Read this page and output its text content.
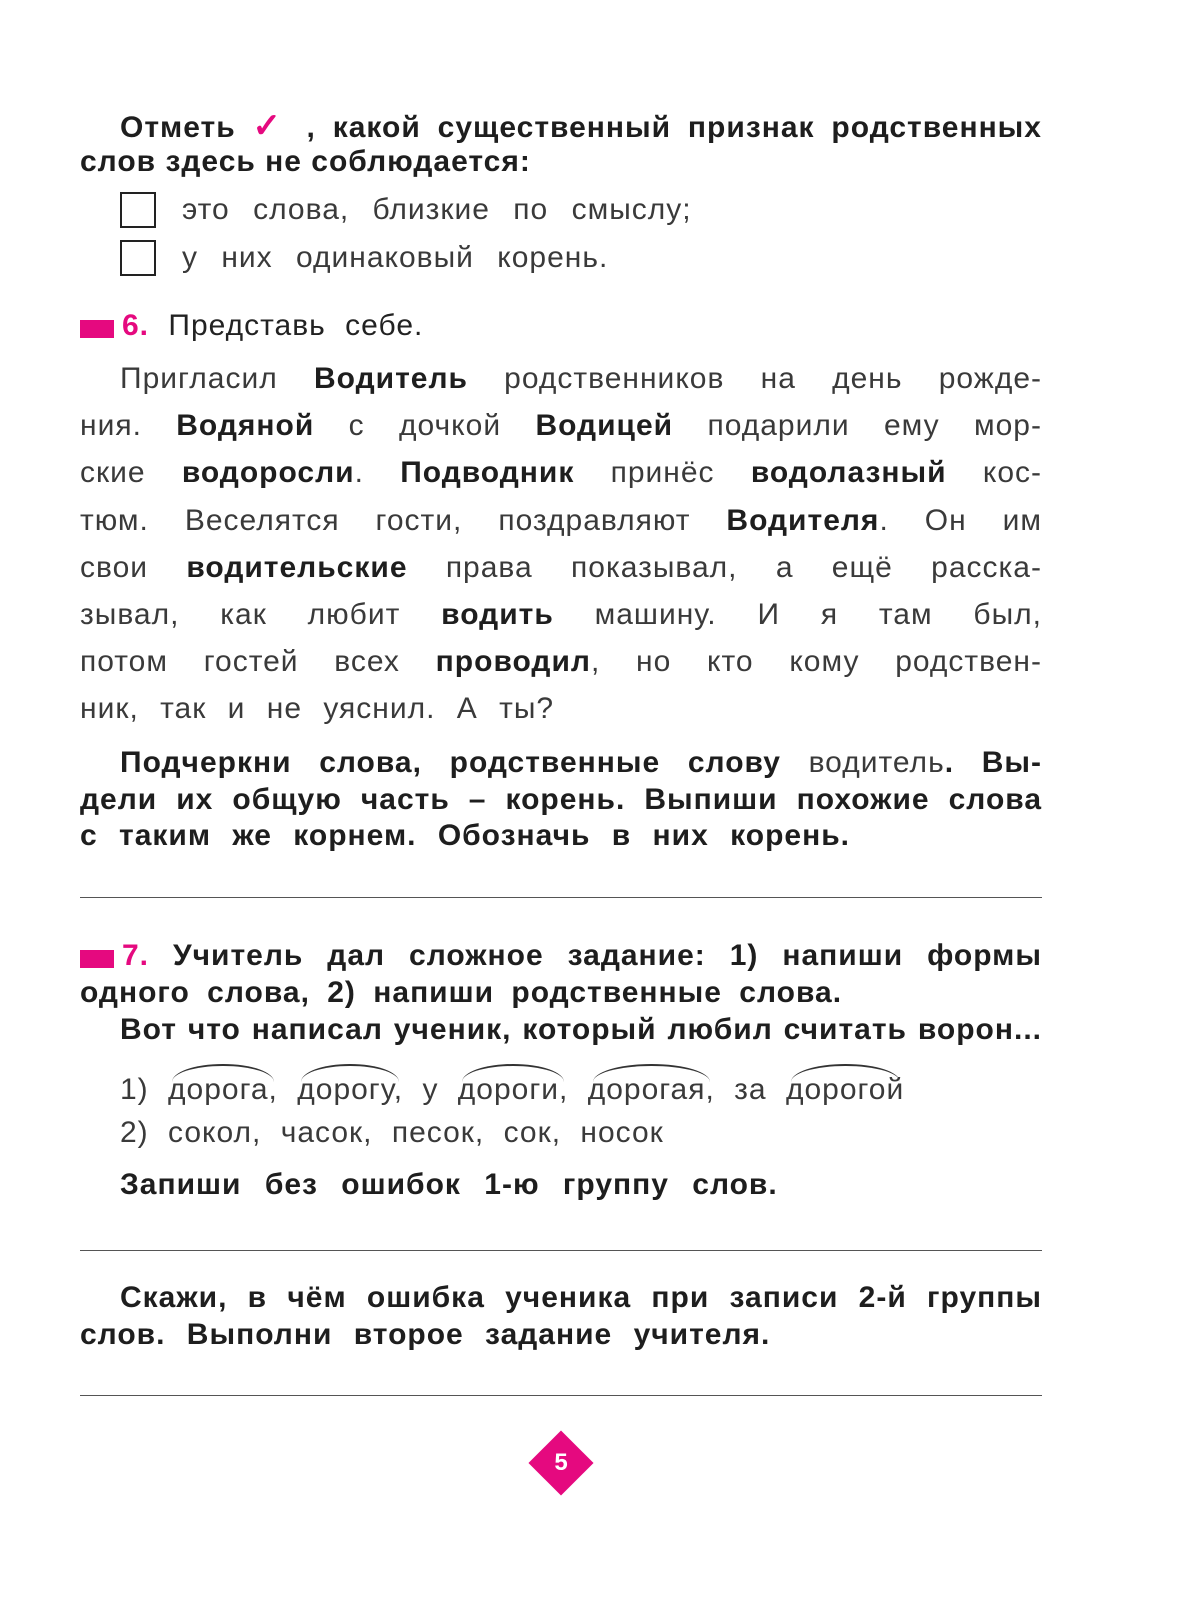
Отметь ✓ , какой существенный признак родственных
слов здесь не соблюдается:
это слова, близкие по смыслу;
у них одинаковый корень.
6. Представь себе.
Пригласил Водитель родственников на день рожде-
ния. Водяной с дочкой Водицей подарили ему мор-
ские водоросли. Подводник принёс водолазный кос-
тюм. Веселятся гости, поздравляют Водителя. Он им
свои водительские права показывал, а ещё расска-
зывал, как любит водить машину. И я там был,
потом гостей всех проводил, но кто кому родствен-
ник, так и не уяснил. А ты?
Подчеркни слова, родственные слову водитель. Вы-
дели их общую часть – корень. Выпиши похожие слова
с таким же корнем. Обозначь в них корень.
7. Учитель дал сложное задание: 1) напиши формы
одного слова, 2) напиши родственные слова.
Вот что написал ученик, который любил считать ворон...
1) дорога, дорогу, у дороги, дорогая, за дорогой
2) сокол, часок, песок, сок, носок
Запиши без ошибок 1-ю группу слов.
Скажи, в чём ошибка ученика при записи 2-й группы
слов. Выполни второе задание учителя.
5
